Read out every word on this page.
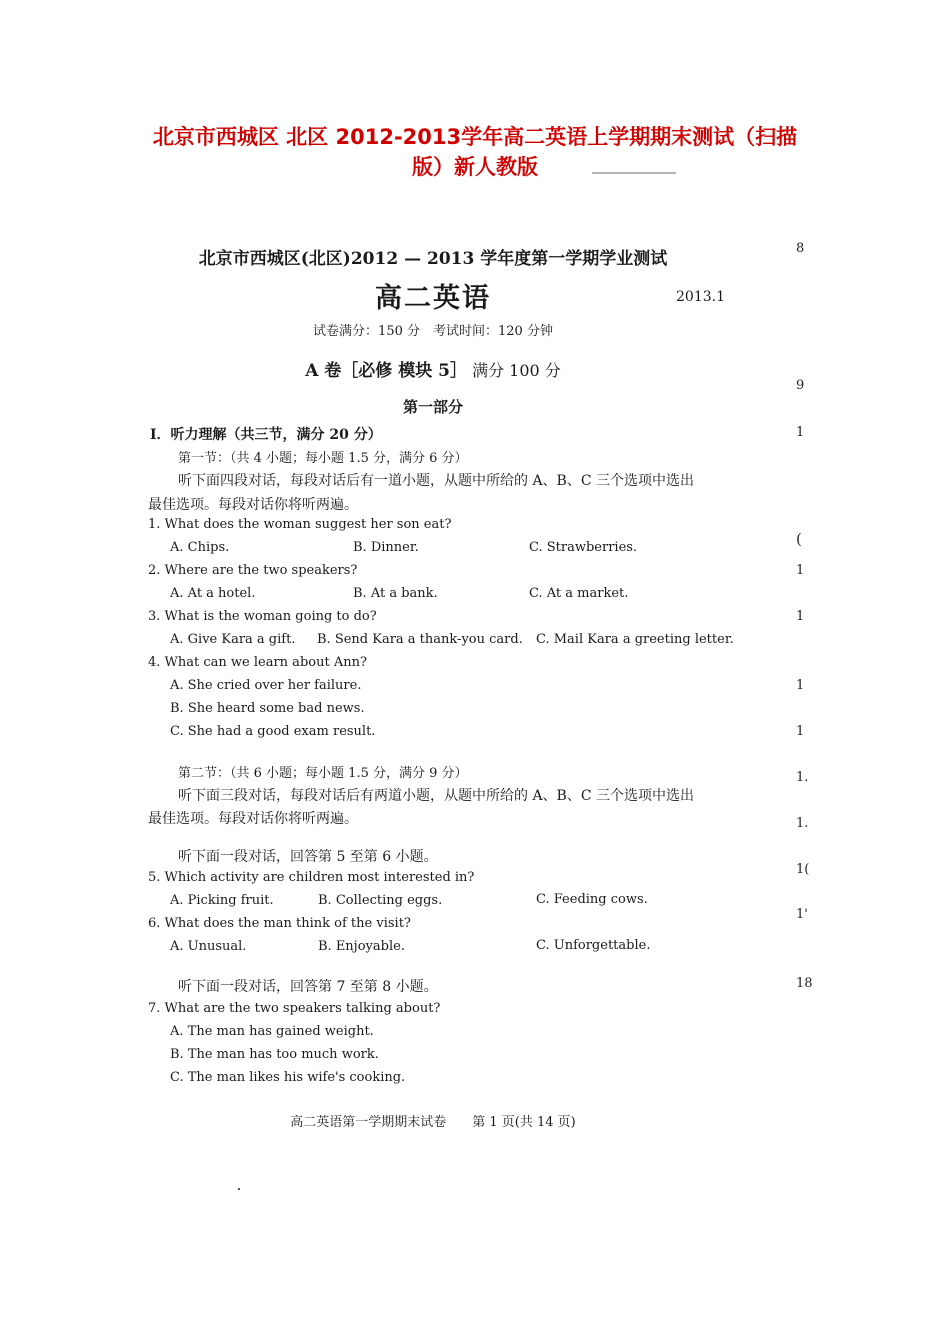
北京市西城区 北区 2012-2013学年高二英语上学期期末测试（扫描
版）新人教版
北京市西城区(北区)2012 — 2013 学年度第一学期学业测试
高二英语	2013.1
试卷满分：150 分　考试时间：120 分钟
A 卷［必修 模块 5］ 满分 100 分
第一部分
I．听力理解（共三节，满分 20 分）
第一节：（共 4 小题；每小题 1.5 分，满分 6 分）
听下面四段对话，每段对话后有一道小题，从题中所给的 A、B、C 三个选项中选出
最佳选项。每段对话你将听两遍。
1. What does the woman suggest her son eat?
A. Chips.	B. Dinner.	C. Strawberries.
2. Where are the two speakers?
A. At a hotel.	B. At a bank.	C. At a market.
3. What is the woman going to do?
A. Give Kara a gift. B. Send Kara a thank-you card. C. Mail Kara a greeting letter.
4. What can we learn about Ann?
A. She cried over her failure.
B. She heard some bad news.
C. She had a good exam result.
第二节：（共 6 小题；每小题 1.5 分，满分 9 分）
听下面三段对话，每段对话后有两道小题，从题中所给的 A、B、C 三个选项中选出
最佳选项。每段对话你将听两遍。
听下面一段对话，回答第 5 至第 6 小题。
5. Which activity are children most interested in?
A. Picking fruit.	B. Collecting eggs.	C. Feeding cows.
6. What does the man think of the visit?
A. Unusual.	B. Enjoyable.	C. Unforgettable.
听下面一段对话，回答第 7 至第 8 小题。
7. What are the two speakers talking about?
A. The man has gained weight.
B. The man has too much work.
C. The man likes his wife's cooking.
高二英语第一学期期末试卷　　第 1 页(共 14 页)
8
9
1
(
1
1
1
1
1.
1.
1(
1'
18
